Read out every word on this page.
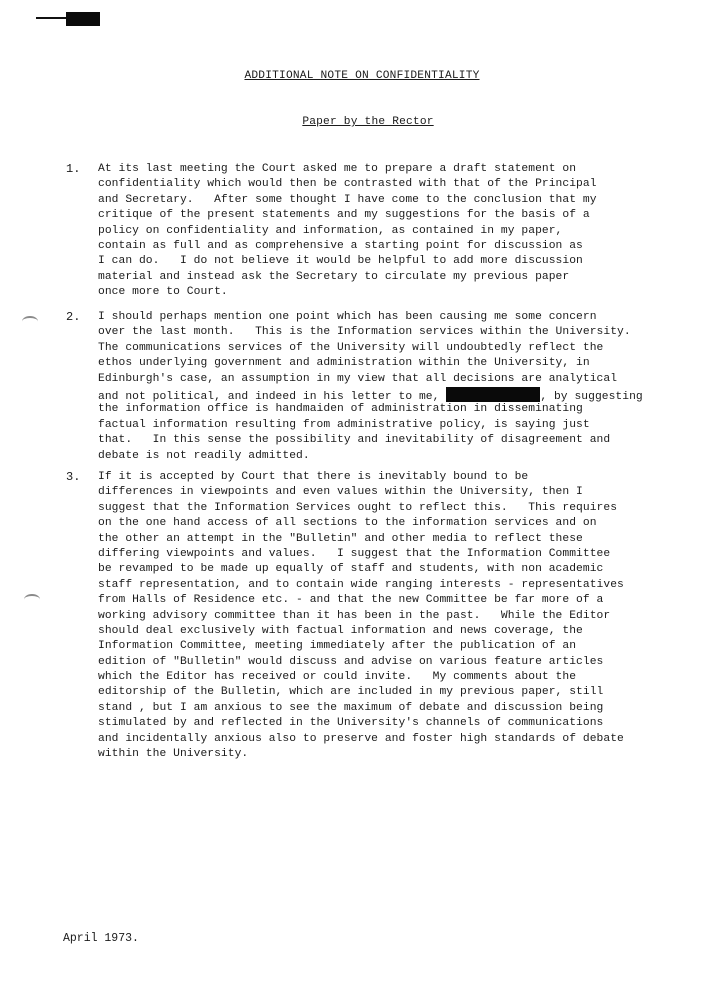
ADDITIONAL NOTE ON CONFIDENTIALITY
Paper by the Rector
1. At its last meeting the Court asked me to prepare a draft statement on
confidentiality which would then be contrasted with that of the Principal
and Secretary.   After some thought I have come to the conclusion that my
critique of the present statements and my suggestions for the basis of a
policy on confidentiality and information, as contained in my paper,
contain as full and as comprehensive a starting point for discussion as
I can do.   I do not believe it would be helpful to add more discussion
material and instead ask the Secretary to circulate my previous paper
once more to Court.
2. I should perhaps mention one point which has been causing me some concern
over the last month.   This is the Information services within the University.
The communications services of the University will undoubtedly reflect the
ethos underlying government and administration within the University, in
Edinburgh's case, an assumption in my view that all decisions are analytical
and not political, and indeed in his letter to me,	, by suggesting
the information office is handmaiden of administration in disseminating
factual information resulting from administrative policy, is saying just
that.   In this sense the possibility and inevitability of disagreement and
debate is not readily admitted.
3. If it is accepted by Court that there is inevitably bound to be
differences in viewpoints and even values within the University, then I
suggest that the Information Services ought to reflect this.   This requires
on the one hand access of all sections to the information services and on
the other an attempt in the "Bulletin" and other media to reflect these
differing viewpoints and values.   I suggest that the Information Committee
be revamped to be made up equally of staff and students, with non academic
staff representation, and to contain wide ranging interests - representatives
from Halls of Residence etc. - and that the new Committee be far more of a
working advisory committee than it has been in the past.   While the Editor
should deal exclusively with factual information and news coverage, the
Information Committee, meeting immediately after the publication of an
edition of "Bulletin" would discuss and advise on various feature articles
which the Editor has received or could invite.   My comments about the
editorship of the Bulletin, which are included in my previous paper, still
stand , but I am anxious to see the maximum of debate and discussion being
stimulated by and reflected in the University's channels of communications
and incidentally anxious also to preserve and foster high standards of debate
within the University.
April 1973.
